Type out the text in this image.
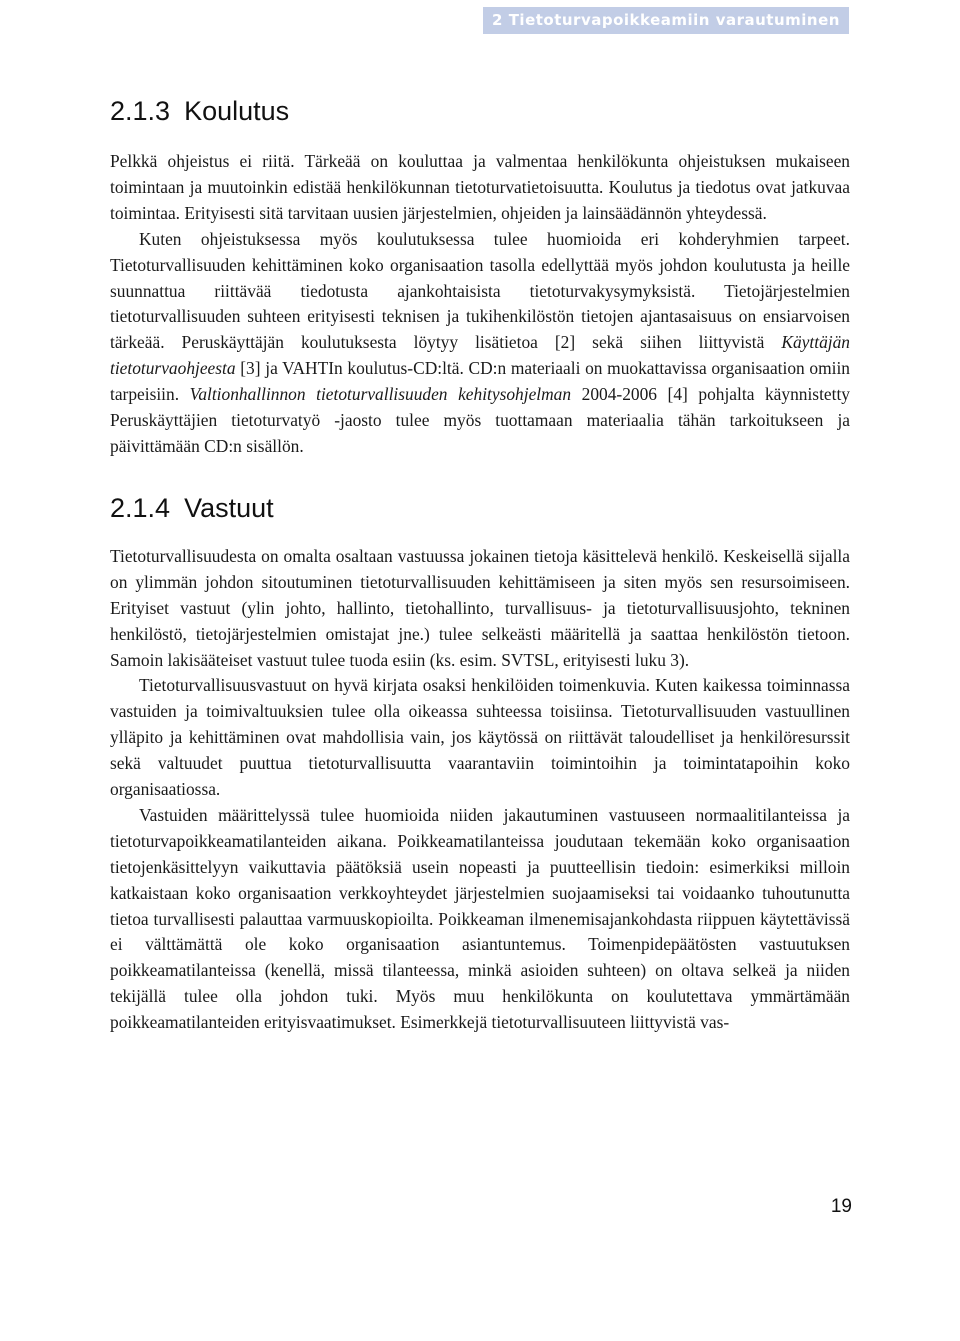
2 Tietoturvapoikkeamiin varautuminen
2.1.3 Koulutus

Pelkkä ohjeistus ei riitä. Tärkeää on kouluttaa ja valmentaa henkilökunta ohjeistuksen mukaiseen toimintaan ja muutoinkin edistää henkilökunnan tietoturvatietoisuutta. Koulutus ja tiedotus ovat jatkuvaa toimintaa. Erityisesti sitä tarvitaan uusien järjestelmien, ohjeiden ja lainsäädännön yhteydessä.

Kuten ohjeistuksessa myös koulutuksessa tulee huomioida eri kohderyhmien tarpeet. Tietoturvallisuuden kehittäminen koko organisaation tasolla edellyttää myös johdon koulutusta ja heille suunnattua riittävää tiedotusta ajankohtaisista tietoturvakysymyksistä. Tietojärjestelmien tietoturvallisuuden suhteen erityisesti teknisen ja tukihenkilöstön tietojen ajantasaisuus on ensiarvoisen tärkeää. Peruskäyttäjän koulutuksesta löytyy lisätietoa [2] sekä siihen liittyvistä Käyttäjän tietoturvaohjeesta [3] ja VAHTIn koulutus-CD:ltä. CD:n materiaali on muokattavissa organisaation omiin tarpeisiin. Valtionhallinnon tietoturvallisuuden kehitysohjelman 2004-2006 [4] pohjalta käynnistetty Peruskäyttäjien tietoturvatyö -jaosto tulee myös tuottamaan materiaalia tähän tarkoitukseen ja päivittämään CD:n sisällön.

2.1.4 Vastuut

Tietoturvallisuudesta on omalta osaltaan vastuussa jokainen tietoja käsittelevä henkilö. Keskeisellä sijalla on ylimmän johdon sitoutuminen tietoturvallisuuden kehittämiseen ja siten myös sen resursoimiseen. Erityiset vastuut (ylin johto, hallinto, tietohallinto, turvallisuus- ja tietoturvallisuusjohto, tekninen henkilöstö, tietojärjestelmien omistajat jne.) tulee selkeästi määritellä ja saattaa henkilöstön tietoon. Samoin lakisääteiset vastuut tulee tuoda esiin (ks. esim. SVTSL, erityisesti luku 3).

Tietoturvallisuusvastuut on hyvä kirjata osaksi henkilöiden toimenkuvia. Kuten kaikessa toiminnassa vastuiden ja toimivaltuuksien tulee olla oikeassa suhteessa toisiinsa. Tietoturvallisuuden vastuullinen ylläpito ja kehittäminen ovat mahdollisia vain, jos käytössä on riittävät taloudelliset ja henkilöresurssit sekä valtuudet puuttua tietoturvallisuutta vaarantaviin toimintoihin ja toimintatapoihin koko organisaatiossa.

Vastuiden määrittelyssä tulee huomioida niiden jakautuminen vastuuseen normaalitilanteissa ja tietoturvapoikkeamatilanteiden aikana. Poikkeamatilanteissa joudutaan tekemään koko organisaation tietojenkäsittelyyn vaikuttavia päätöksiä usein nopeasti ja puutteellisin tiedoin: esimerkiksi milloin katkaistaan koko organisaation verkkoyhteydet järjestelmien suojaamiseksi tai voidaanko tuhoutunutta tietoa turvallisesti palauttaa varmuuskopioilta. Poikkeaman ilmenemisajankohdasta riippuen käytettävissä ei välttämättä ole koko organisaation asiantuntemus. Toimenpidepäätösten vastuutuksen poikkeamatilanteissa (kenellä, missä tilanteessa, minkä asioiden suhteen) on oltava selkeä ja niiden tekijällä tulee olla johdon tuki. Myös muu henkilökunta on koulutettava ymmärtämään poikkeamatilanteiden erityisvaatimukset. Esimerkkejä tietoturvallisuuteen liittyvistä vas-

19
